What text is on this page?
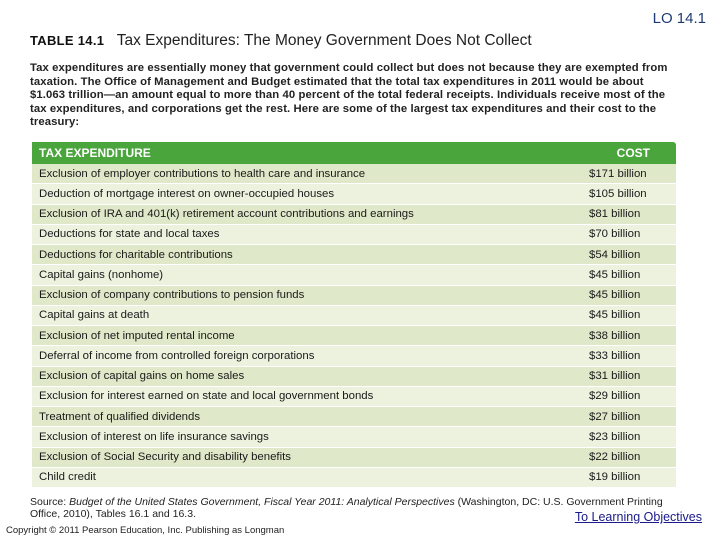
LO 14.1
TABLE 14.1 Tax Expenditures: The Money Government Does Not Collect
Tax expenditures are essentially money that government could collect but does not because they are exempted from taxation. The Office of Management and Budget estimated that the total tax expenditures in 2011 would be about $1.063 trillion—an amount equal to more than 40 percent of the total federal receipts. Individuals receive most of the tax expenditures, and corporations get the rest. Here are some of the largest tax expenditures and their cost to the treasury:
TAX EXPENDITURE	COST
Exclusion of employer contributions to health care and insurance	$171 billion
Deduction of mortgage interest on owner-occupied houses	$105 billion
Exclusion of IRA and 401(k) retirement account contributions and earnings	$81 billion
Deductions for state and local taxes	$70 billion
Deductions for charitable contributions	$54 billion
Capital gains (nonhome)	$45 billion
Exclusion of company contributions to pension funds	$45 billion
Capital gains at death	$45 billion
Exclusion of net imputed rental income	$38 billion
Deferral of income from controlled foreign corporations	$33 billion
Exclusion of capital gains on home sales	$31 billion
Exclusion for interest earned on state and local government bonds	$29 billion
Treatment of qualified dividends	$27 billion
Exclusion of interest on life insurance savings	$23 billion
Exclusion of Social Security and disability benefits	$22 billion
Child credit	$19 billion
Source: Budget of the United States Government, Fiscal Year 2011: Analytical Perspectives (Washington, DC: U.S. Government Printing Office, 2010), Tables 16.1 and 16.3.	To Learning Objectives
Copyright © 2011 Pearson Education, Inc. Publishing as Longman
